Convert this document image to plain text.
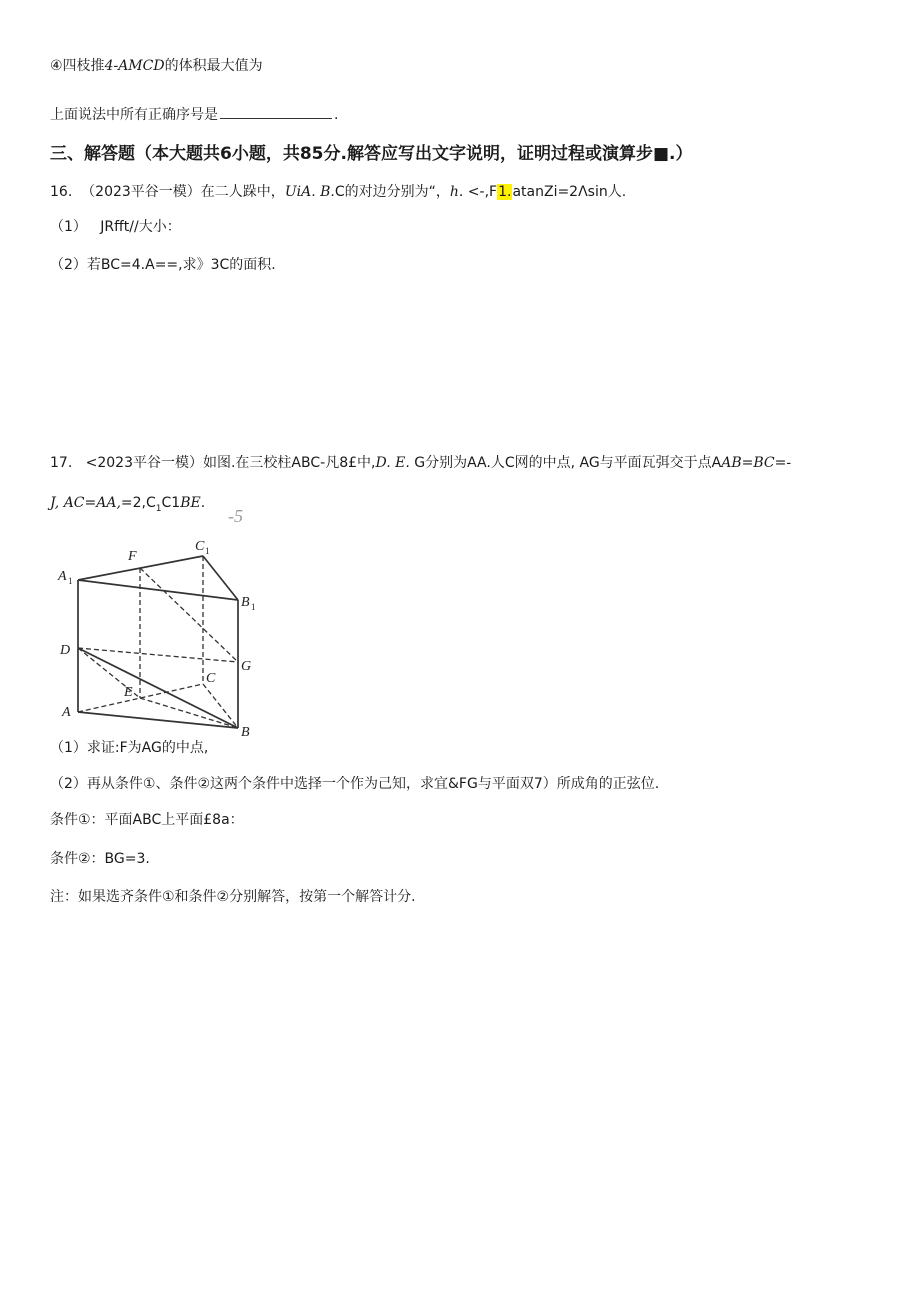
④四枝推4-AMCD的体积最大值为
上面说法中所有正确序号是	.
三、解答题（本大题共6小题，共85分.解答应写出文字说明，证明过程或演算步■.）
16. （2023平谷一模）在二人跺中，UiA. B.C的对边分别为“，h. <-,F1.atanZi=2Λsin人.
（1） JRfft//大小：
（2）若BC=4.A==,求》3C的面积.
17. <2023平谷一模）如图.在三校柱ABC-凡8£中,D. E. G分别为AA.人C网的中点, AG与平面瓦弭交于点AAB=BC=-
J, $AC=AA,=2,C_1C1BE$.
-5
A 1
F
C 1
B 1
D
G
C
E
A
B
（1）求证:F为AG的中点,
（2）再从条件①、条件②这两个条件中选择一个作为己知，求宜&FG与平面双7）所成角的正弦位.
条件①：平面ABC上平面£8a：
条件②：BG=3.
注：如果选齐条件①和条件②分别解答，按第一个解答计分.
